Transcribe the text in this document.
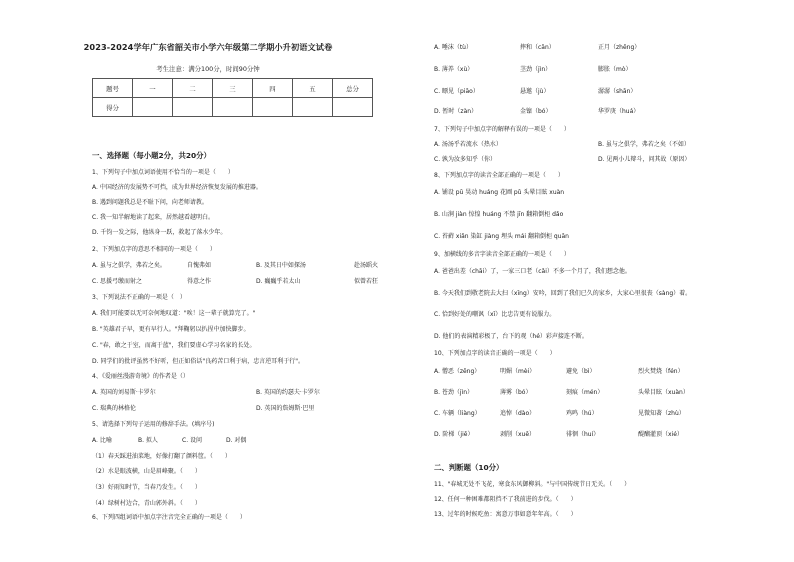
2023-2024学年广东省韶关市小学六年级第二学期小升初语文试卷
考生注意：满分100分，时间90分钟
题号	一	二	三	四	五	总分
得分						
一、选择题（每小题2分，共20分）
1、下列句子中加点词语使用不恰当的一项是（　　）
A. 中国经济的发展势不可挡，成为世界经济恢复发展的推进器。
B. 遇到问题我总是不耻下问，向老师请教。
C. 我一知半解地读了起来，居然越看越明白。
D. 千钧一发之际，他纵身一跃，救起了落水少年。
2、下列加点字的意思不相同的一项是（　　）
A. 虽与之俱学，弗若之矣。	自愧弗如	B. 及其日中如探汤	赴汤蹈火
C. 思援弓缴而射之	得意之作	D. 巍巍乎若太山	似曾若狂
3、下列说法不正确的一项是（　）
A. 我们可能要以无可奈何地叹道："唉！这一辈子就算完了。"
B. "英雄君子早，更有早行人。"拜鞠躬以扒捏中加快脚步。
C. "春，敢之于室，而离于蓝"，我们要虚心学习名家的长处。
D. 同学们的批评虽然不好听，但正如俗话"良药苦口利于病，忠言逆耳利于行"。
4、《爱丽丝漫游奇境》的作者是（）
A. 英国的刘易斯·卡罗尔	B. 英国的约瑟夫·卡罗尔
C. 瑞典的林格伦	D. 英国的詹姆斯·巴里
5、请选择下列句子运用的修辞手法。(填序号)
A. 比喻	B. 拟人	C. 设问	D. 对偶
（1）春天踩进油菜地，好像打翻了颜料筐。（　　）
（2）水是眼波横，山是眉峰聚。（　　）
（3）好雨知时节，当春乃发生。（　　）
（4）绿树村边合，青山郭外斜。（　　）
6、下列四组词语中加点字注音完全正确的一项是（　　）
A. 唾沫（tù）	摔和（cān）	正月（zhēng）
B. 薄养（xù）	茎劲（jìn）	膨胀（mò）
C. 瞟见（piāo）	悬邀（jù）	潺潺（shān）
D. 暂时（zàn）	金镍（bó）	华罗庚（huá）
7、下列句子中加点字的解释有误的一项是（　　）
A. 汤汤乎若流水（热水）	B. 虽与之俱学，弗若之矣（不如）
C. 孰为汝多知乎（你）	D. 见两小儿辩斗，问其故（原因）
8、下列加点字的读音全部正确的一项是（　　）
A. 铺设 pū 昊动 huáng 花圃 pǔ 头晕目眩 xuàn
B. 山涧 jiàn 惊惶 huáng 不禁 jīn 翻箱倒柜 dǎo
C. 苔藓 xiǎn 染缸 jiàng 埋头 mái 翻箱倒柜 quān
9、加横线的多音字读音全部正确的一项是（　　）
A. 爸爸出差（chāi）了，一家三口老（cǎi）不多一个月了，我们想念他。
B. 今天我们到敬老院去大扫（xīng）安吟，回到了我们已久的家乡，大家心里很丧（sàng）着。
C. 恰到好处的嘲讽（xī）比忠告更有说服力。
D. 他们的表演精彩极了，台下的观（hé）彩声接连不断。
10、下列加点字的读音正确的一项是（　　）
A. 憎恶（zēng）	明媚（mèi）	避免（bì）	烈火焚烧（fén）
B. 苍劲（jìn）	薄雾（bó）	刻痕（mén）	头晕目眩（xuàn）
C. 车辆（liàng）	追悼（dào）	鸡鸣（hú）	见微知著（zhù）
D. 阶梯（jiē）	剥削（xuē）	徘徊（huí）	醍醐灌顶（xié）
二、判断题（10分）
11、"春城无处不飞花，寒食东风御柳斜。"与中国传统节日无关。（　　）
12、任何一种困难都阻挡不了我前进的步伐。（　　）
13、过年的时候吃鱼：寓意万事如意年年高。（　　）
